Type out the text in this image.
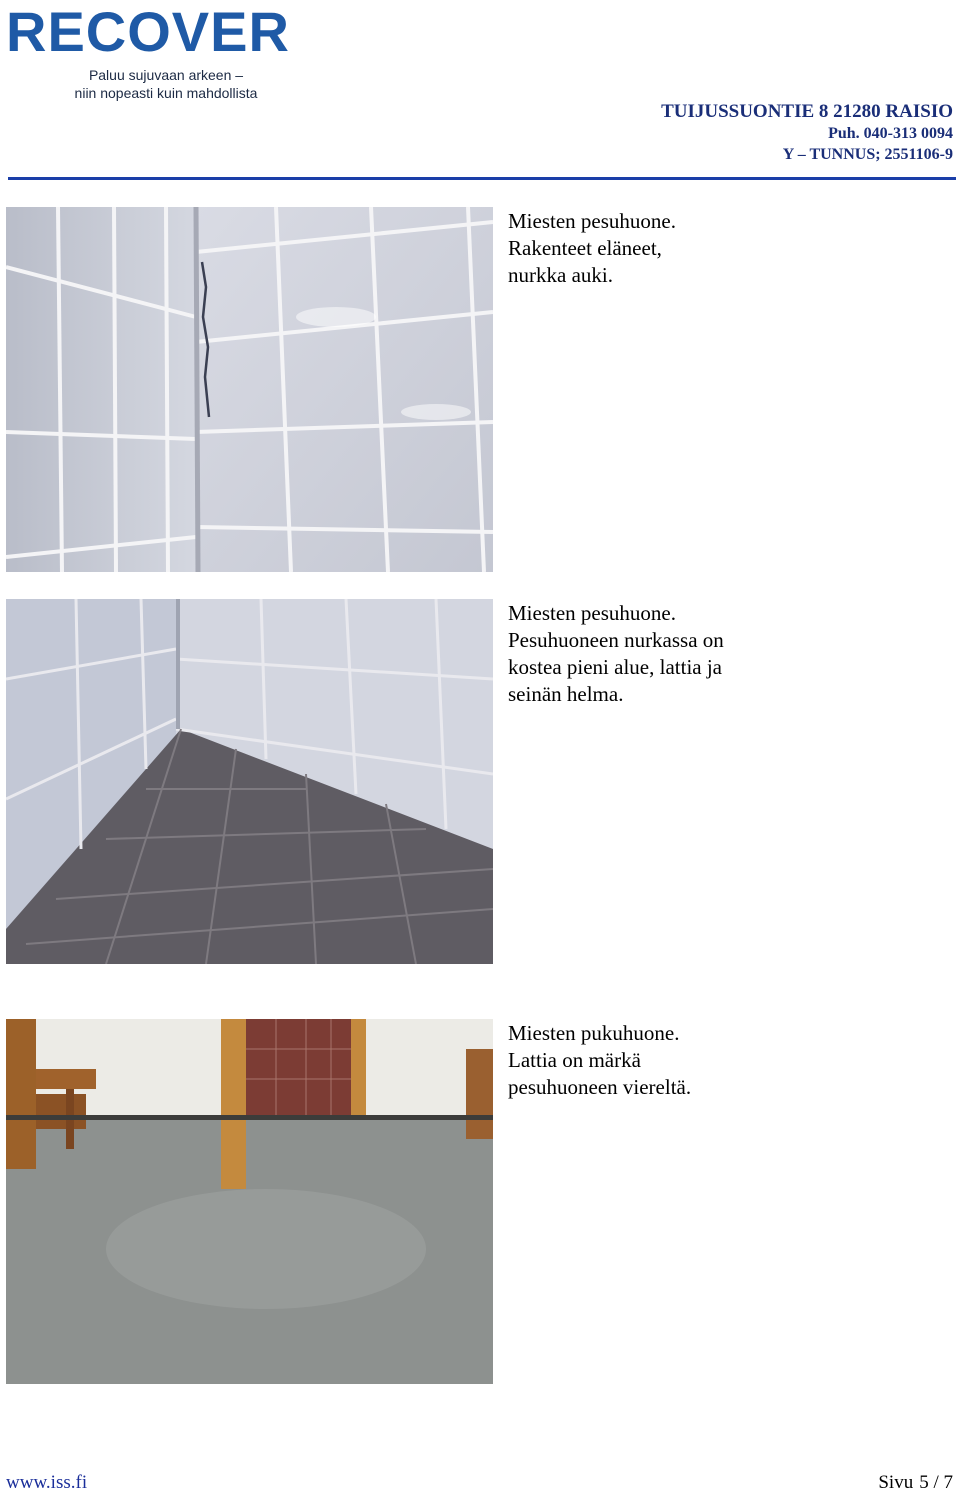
RECOVER
Paluu sujuvaan arkeen –
niin nopeasti kuin mahdollista
TUIJUSSUONTIE 8 21280 RAISIO
Puh. 040-313 0094
Y – TUNNUS; 2551106-9
Miesten pesuhuone.
Rakenteet eläneet,
nurkka auki.
Miesten pesuhuone.
Pesuhuoneen nurkassa on
kostea pieni alue, lattia ja
seinän helma.
Miesten pukuhuone.
Lattia on märkä
pesuhuoneen viereltä.
www.iss.fi	Sivu 5 / 7
